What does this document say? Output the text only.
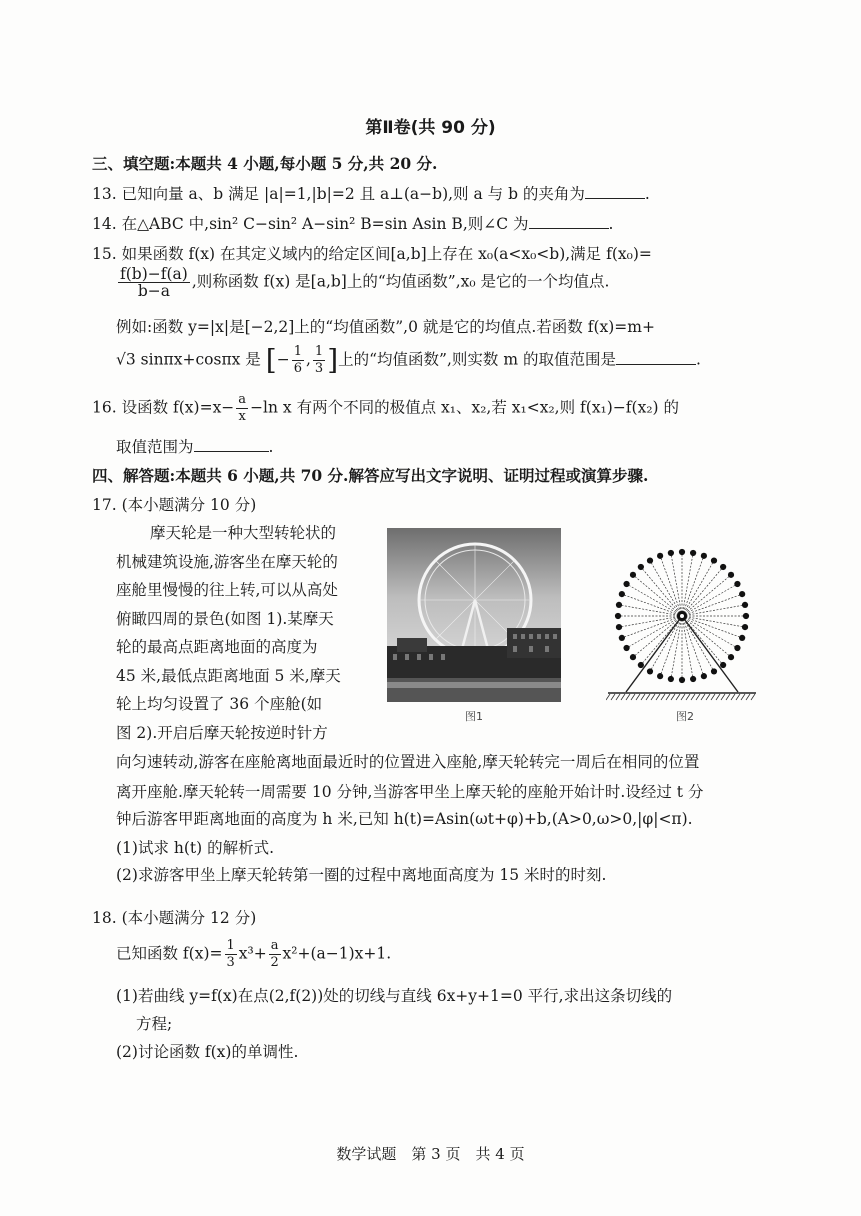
第Ⅱ卷(共 90 分)
三、填空题:本题共 4 小题,每小题 5 分,共 20 分.
13. 已知向量 a、b 满足 |a|=1,|b|=2 且 a⊥(a−b),则 a 与 b 的夹角为	.
14. 在△ABC 中,sin² C−sin² A−sin² B=sin Asin B,则∠C 为	.
15. 如果函数 f(x) 在其定义域内的给定区间[a,b]上存在 x₀(a<x₀<b),满足 f(x₀)=
$\frac{f(b)-f(a)}{b-a}$ ,则称函数 f(x) 是[a,b]上的“均值函数”,x₀ 是它的一个均值点.
例如:函数 y=|x|是[−2,2]上的“均值函数”,0 就是它的均值点.若函数 f(x)=m+
√3 sinπx+cosπx 是 [− $\frac{1}{6}$ , $\frac{1}{3}$ ]上的“均值函数”,则实数 m 的取值范围是	.
16. 设函数 $f(x)=x- \frac{a}{x} -\ln$ x 有两个不同的极值点 x₁、x₂,若 x₁<x₂,则 f(x₁)−f(x₂) 的
取值范围为	.
四、解答题:本题共 6 小题,共 70 分.解答应写出文字说明、证明过程或演算步骤.
17. (本小题满分 10 分)
摩天轮是一种大型转轮状的
机械建筑设施,游客坐在摩天轮的
座舱里慢慢的往上转,可以从高处
俯瞰四周的景色(如图 1).某摩天
轮的最高点距离地面的高度为
45 米,最低点距离地面 5 米,摩天
轮上均匀设置了 36 个座舱(如
图 2).开启后摩天轮按逆时针方
图1	图2
向匀速转动,游客在座舱离地面最近时的位置进入座舱,摩天轮转完一周后在相同的位置
离开座舱.摩天轮转一周需要 10 分钟,当游客甲坐上摩天轮的座舱开始计时.设经过 t 分
钟后游客甲距离地面的高度为 h 米,已知 h(t)=Asin(ωt+φ)+b,(A>0,ω>0,|φ|<π).
(1)试求 h(t) 的解析式.
(2)求游客甲坐上摩天轮转第一圈的过程中离地面高度为 15 米时的时刻.
18. (本小题满分 12 分)
已知函数 $f(x)= \frac{1}{3} x^3+ \frac{a}{2} x^2+(a-1)x+1$.
(1)若曲线 y=f(x)在点(2,f(2))处的切线与直线 6x+y+1=0 平行,求出这条切线的
方程;
(2)讨论函数 f(x)的单调性.
数学试题　第 3 页　共 4 页
